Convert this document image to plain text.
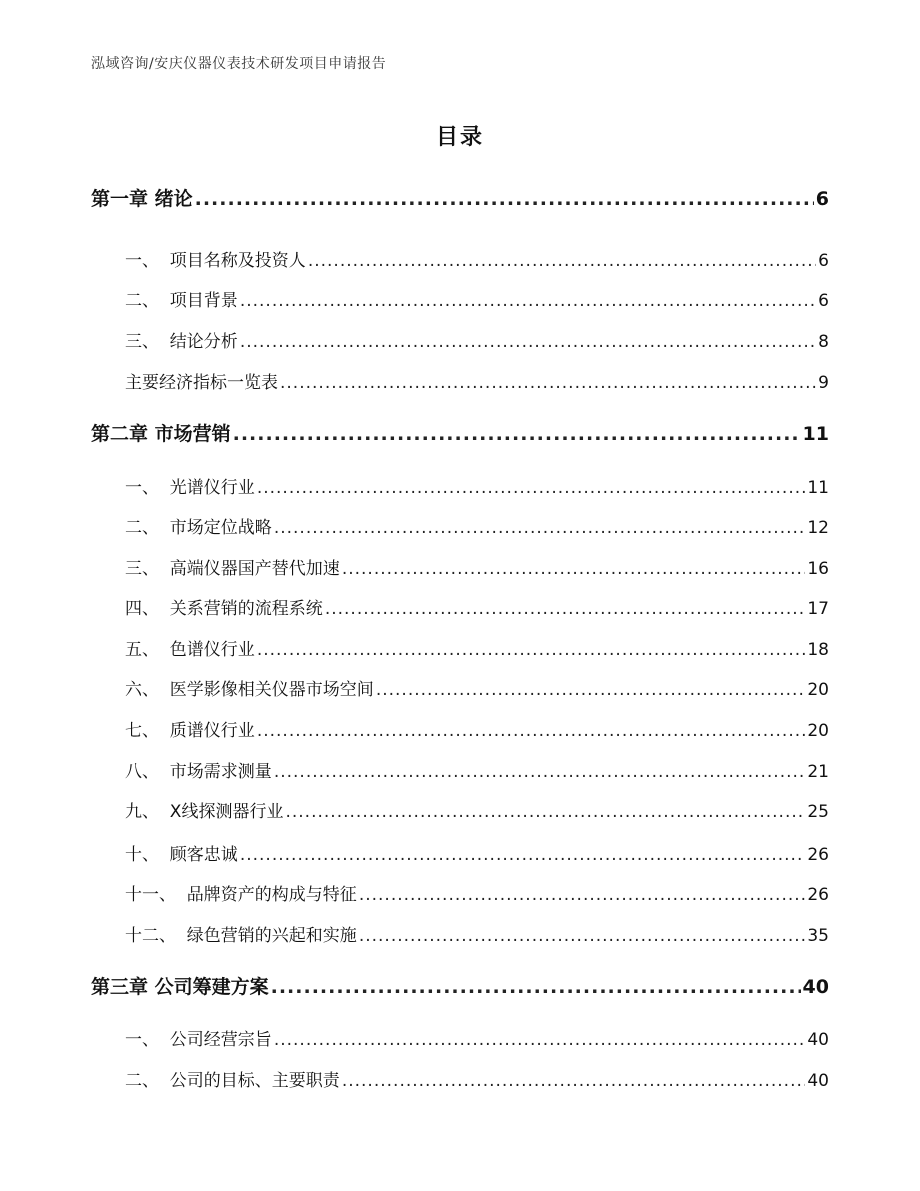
泓域咨询/安庆仪器仪表技术研发项目申请报告
目录
第一章 绪论 .....	6
一、  项目名称及投资人 .....	6
二、  项目背景 .....	6
三、  结论分析 .....	8
主要经济指标一览表 .....	9
第二章 市场营销 .....	11
一、  光谱仪行业 .....	11
二、  市场定位战略 .....	12
三、  高端仪器国产替代加速 .....	16
四、  关系营销的流程系统 .....	17
五、  色谱仪行业 .....	18
六、  医学影像相关仪器市场空间 .....	20
七、  质谱仪行业 .....	20
八、  市场需求测量 .....	21
九、  X线探测器行业 .....	25
十、  顾客忠诚 .....	26
十一、  品牌资产的构成与特征 .....	26
十二、  绿色营销的兴起和实施 .....	35
第三章 公司筹建方案 .....	40
一、  公司经营宗旨 .....	40
二、  公司的目标、主要职责 .....	40
